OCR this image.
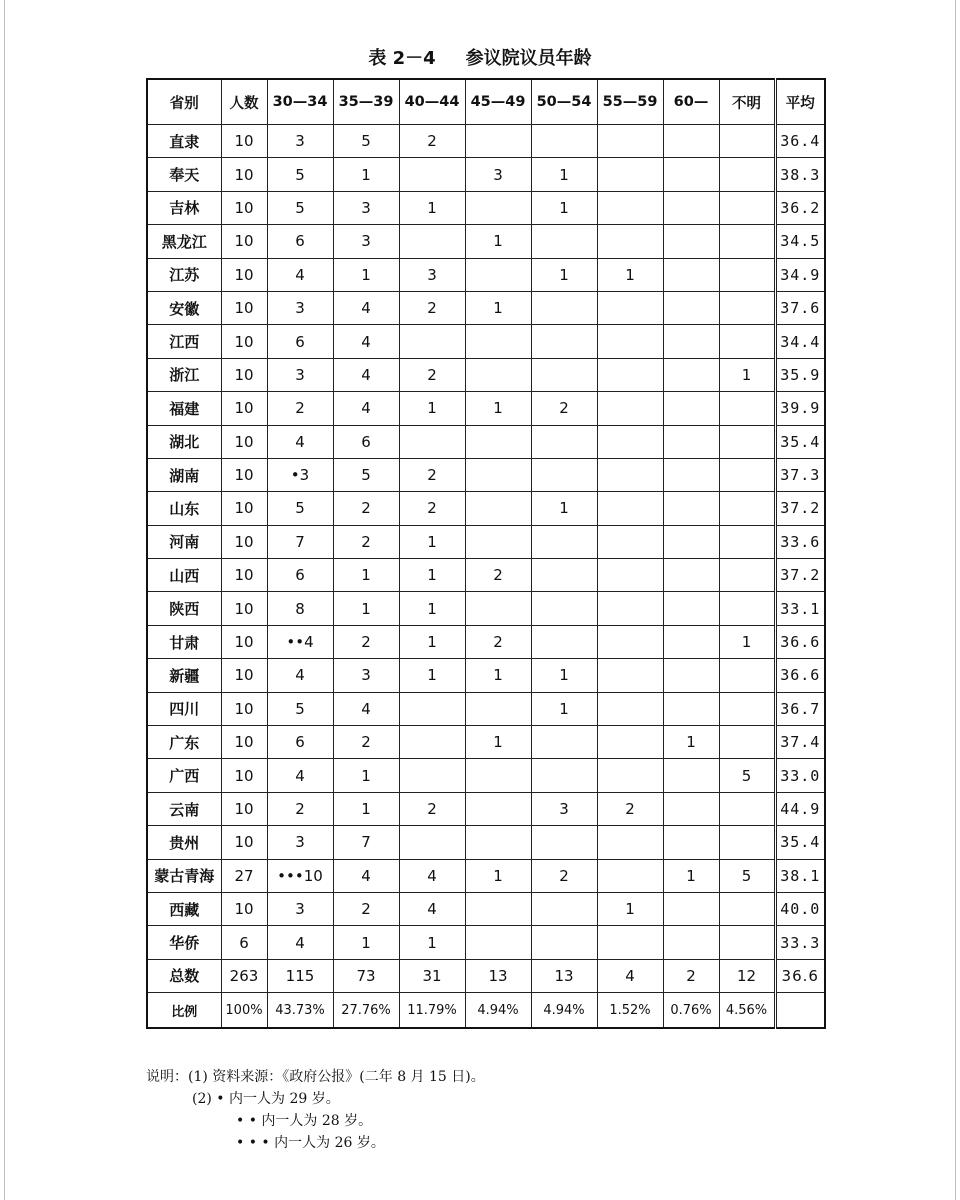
表 2－4 参议院议员年龄
省别	人数	30—34	35—39	40—44	45—49	50—54	55—59	60—	不明	平均
直隶	10	3	5	2						36.4
奉天	10	5	1		3	1				38.3
吉林	10	5	3	1		1				36.2
黑龙江	10	6	3		1					34.5
江苏	10	4	1	3		1	1			34.9
安徽	10	3	4	2	1					37.6
江西	10	6	4							34.4
浙江	10	3	4	2					1	35.9
福建	10	2	4	1	1	2				39.9
湖北	10	4	6							35.4
湖南	10	•3	5	2						37.3
山东	10	5	2	2		1				37.2
河南	10	7	2	1						33.6
山西	10	6	1	1	2					37.2
陕西	10	8	1	1						33.1
甘肃	10	••4	2	1	2				1	36.6
新疆	10	4	3	1	1	1				36.6
四川	10	5	4			1				36.7
广东	10	6	2		1			1		37.4
广西	10	4	1						5	33.0
云南	10	2	1	2		3	2			44.9
贵州	10	3	7							35.4
蒙古青海	27	•••10	4	4	1	2		1	5	38.1
西藏	10	3	2	4			1			40.0
华侨	6	4	1	1						33.3
总数	263	115	73	31	13	13	4	2	12	36.6
比例	100%	43.73%	27.76%	11.79%	4.94%	4.94%	1.52%	0.76%	4.56%	
说明：(1) 资料来源：《政府公报》(二年 8 月 15 日)。
(2) • 内一人为 29 岁。
• • 内一人为 28 岁。
• • • 内一人为 26 岁。
